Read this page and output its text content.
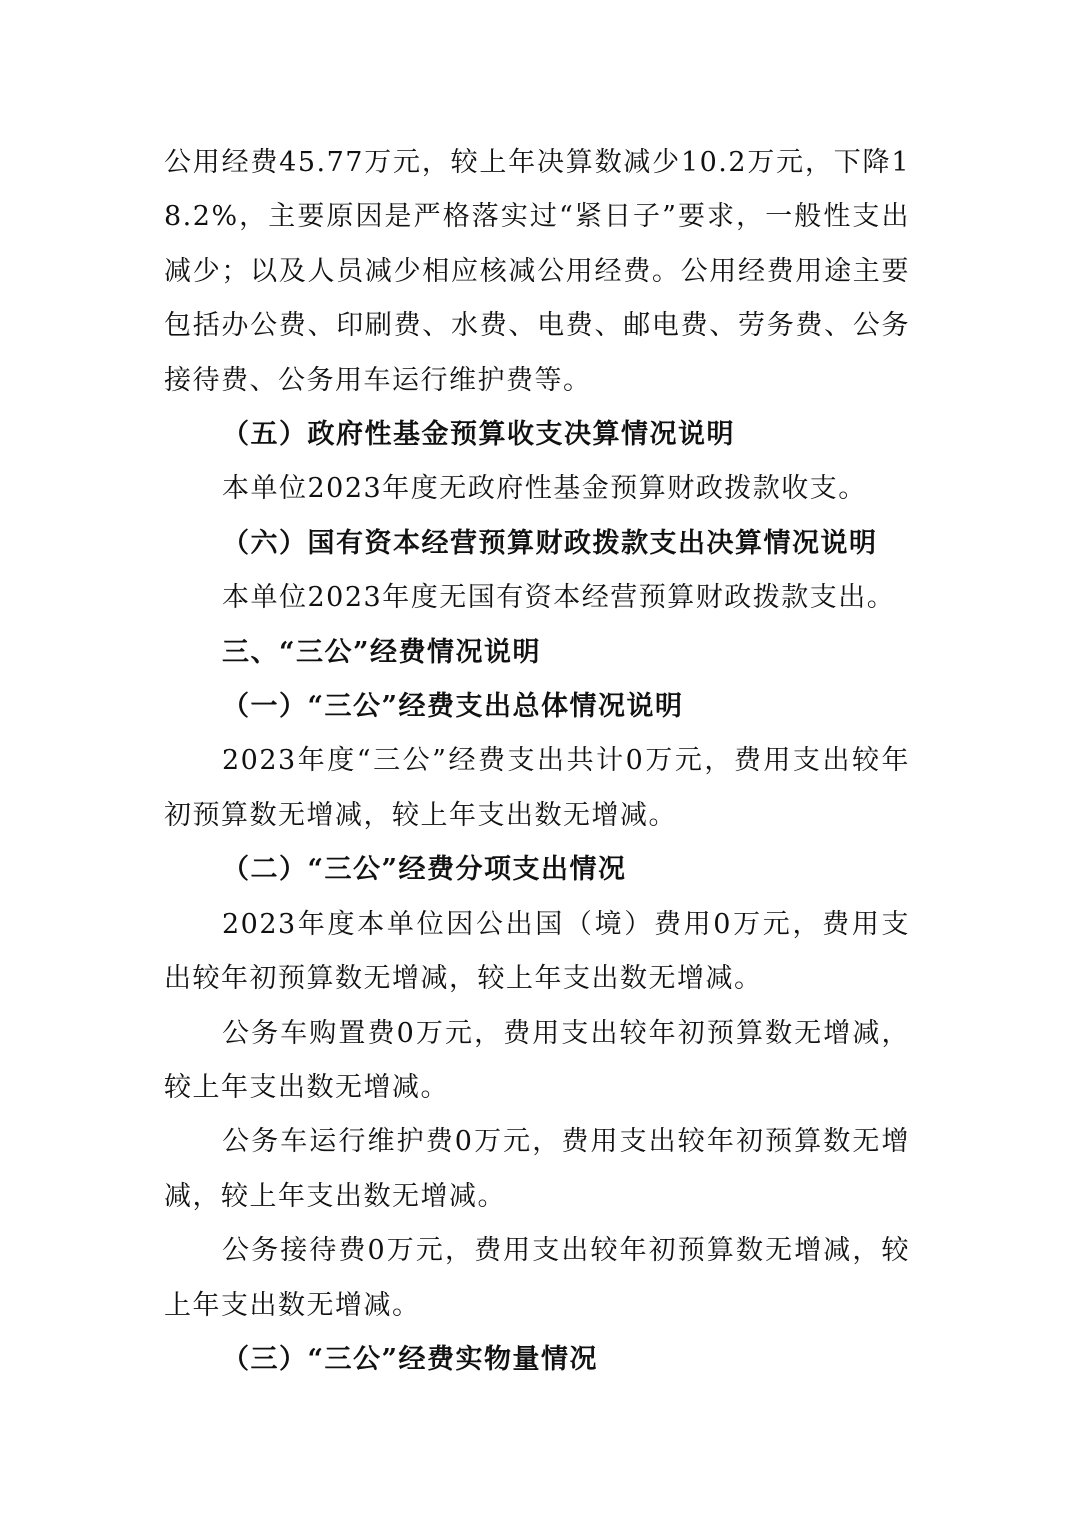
公用经费45.77万元，较上年决算数减少10.2万元，下降18.2%，主要原因是严格落实过“紧日子”要求，一般性支出减少；以及人员减少相应核减公用经费。公用经费用途主要包括办公费、印刷费、水费、电费、邮电费、劳务费、公务接待费、公务用车运行维护费等。

（五）政府性基金预算收支决算情况说明

本单位2023年度无政府性基金预算财政拨款收支。

（六）国有资本经营预算财政拨款支出决算情况说明

本单位2023年度无国有资本经营预算财政拨款支出。

三、“三公”经费情况说明

（一）“三公”经费支出总体情况说明

2023年度“三公”经费支出共计0万元，费用支出较年初预算数无增减，较上年支出数无增减。

（二）“三公”经费分项支出情况

2023年度本单位因公出国（境）费用0万元，费用支出较年初预算数无增减，较上年支出数无增减。

公务车购置费0万元，费用支出较年初预算数无增减，较上年支出数无增减。

公务车运行维护费0万元，费用支出较年初预算数无增减，较上年支出数无增减。

公务接待费0万元，费用支出较年初预算数无增减，较上年支出数无增减。

（三）“三公”经费实物量情况
